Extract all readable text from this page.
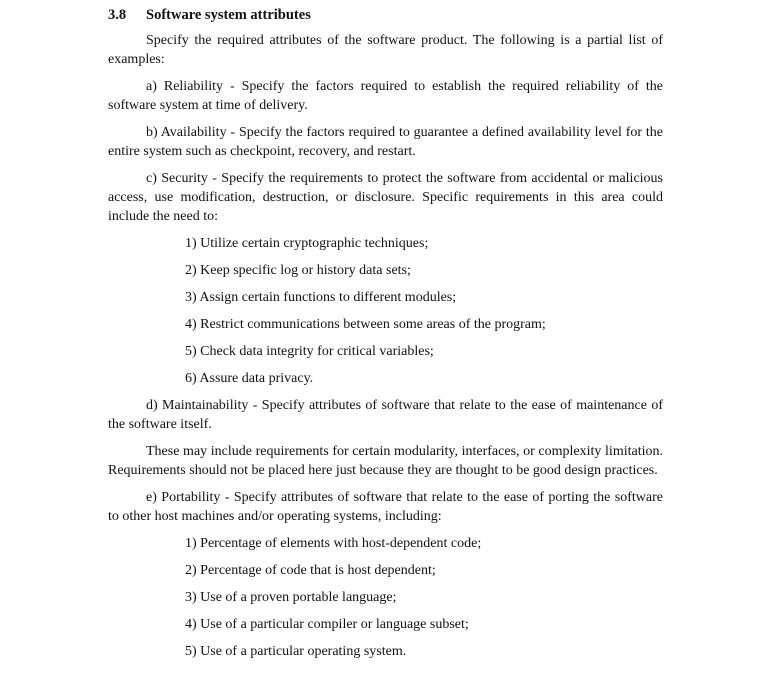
3.8 Software system attributes

Specify the required attributes of the software product. The following is a partial list of examples:

a) Reliability - Specify the factors required to establish the required reliability of the software system at time of delivery.

b) Availability - Specify the factors required to guarantee a defined availability level for the entire system such as checkpoint, recovery, and restart.

c) Security - Specify the requirements to protect the software from accidental or malicious access, use modification, destruction, or disclosure. Specific requirements in this area could include the need to:

1) Utilize certain cryptographic techniques;
2) Keep specific log or history data sets;
3) Assign certain functions to different modules;
4) Restrict communications between some areas of the program;
5) Check data integrity for critical variables;
6) Assure data privacy.

d) Maintainability - Specify attributes of software that relate to the ease of maintenance of the software itself.

These may include requirements for certain modularity, interfaces, or complexity limitation. Requirements should not be placed here just because they are thought to be good design practices.

e) Portability - Specify attributes of software that relate to the ease of porting the software to other host machines and/or operating systems, including:

1) Percentage of elements with host-dependent code;
2) Percentage of code that is host dependent;
3) Use of a proven portable language;
4) Use of a particular compiler or language subset;
5) Use of a particular operating system.
